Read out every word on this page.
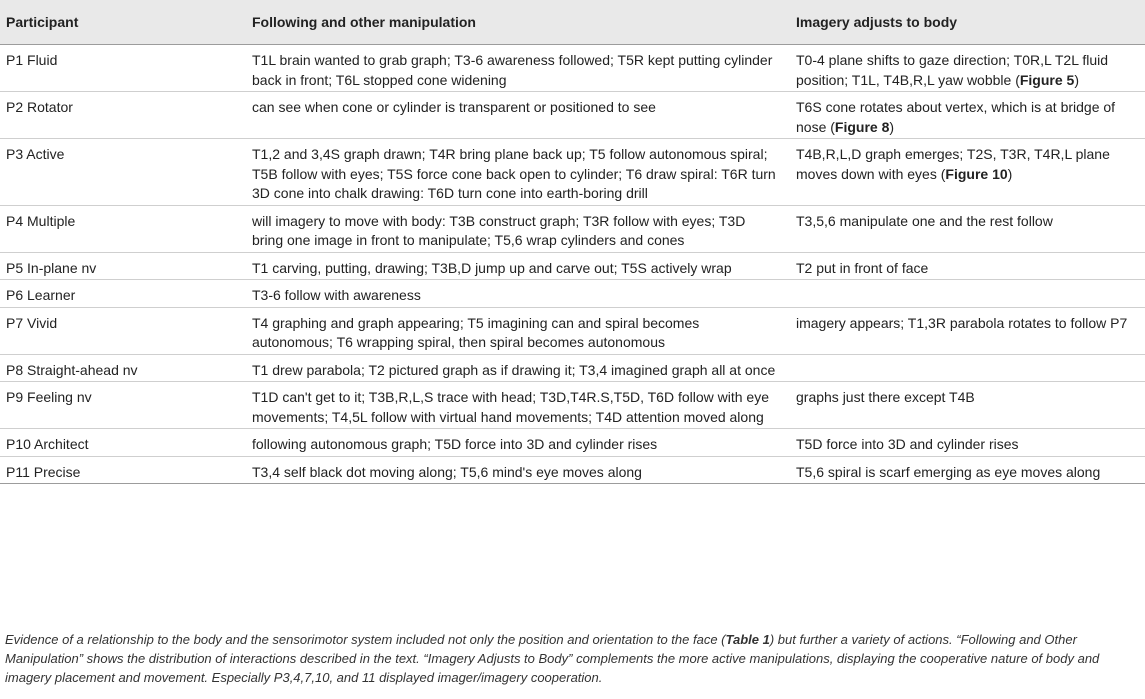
Participant	Following and other manipulation	Imagery adjusts to body
P1 Fluid	T1L brain wanted to grab graph; T3-6 awareness followed; T5R kept putting cylinder back in front; T6L stopped cone widening	T0-4 plane shifts to gaze direction; T0R,L T2L fluid position; T1L, T4B,R,L yaw wobble (Figure 5)
P2 Rotator	can see when cone or cylinder is transparent or positioned to see	T6S cone rotates about vertex, which is at bridge of nose (Figure 8)
P3 Active	T1,2 and 3,4S graph drawn; T4R bring plane back up; T5 follow autonomous spiral; T5B follow with eyes; T5S force cone back open to cylinder; T6 draw spiral: T6R turn 3D cone into chalk drawing: T6D turn cone into earth-boring drill	T4B,R,L,D graph emerges; T2S, T3R, T4R,L plane moves down with eyes (Figure 10)
P4 Multiple	will imagery to move with body: T3B construct graph; T3R follow with eyes; T3D bring one image in front to manipulate; T5,6 wrap cylinders and cones	T3,5,6 manipulate one and the rest follow
P5 In-plane nv	T1 carving, putting, drawing; T3B,D jump up and carve out; T5S actively wrap	T2 put in front of face
P6 Learner	T3-6 follow with awareness	
P7 Vivid	T4 graphing and graph appearing; T5 imagining can and spiral becomes autonomous; T6 wrapping spiral, then spiral becomes autonomous	imagery appears; T1,3R parabola rotates to follow P7
P8 Straight-ahead nv	T1 drew parabola; T2 pictured graph as if drawing it; T3,4 imagined graph all at once	
P9 Feeling nv	T1D can't get to it; T3B,R,L,S trace with head; T3D,T4R.S,T5D, T6D follow with eye movements; T4,5L follow with virtual hand movements; T4D attention moved along	graphs just there except T4B
P10 Architect	following autonomous graph; T5D force into 3D and cylinder rises	T5D force into 3D and cylinder rises
P11 Precise	T3,4 self black dot moving along; T5,6 mind's eye moves along	T5,6 spiral is scarf emerging as eye moves along

Evidence of a relationship to the body and the sensorimotor system included not only the position and orientation to the face (Table 1) but further a variety of actions. “Following and Other Manipulation” shows the distribution of interactions described in the text. “Imagery Adjusts to Body” complements the more active manipulations, displaying the cooperative nature of body and imagery placement and movement. Especially P3,4,7,10, and 11 displayed imager/imagery cooperation.
